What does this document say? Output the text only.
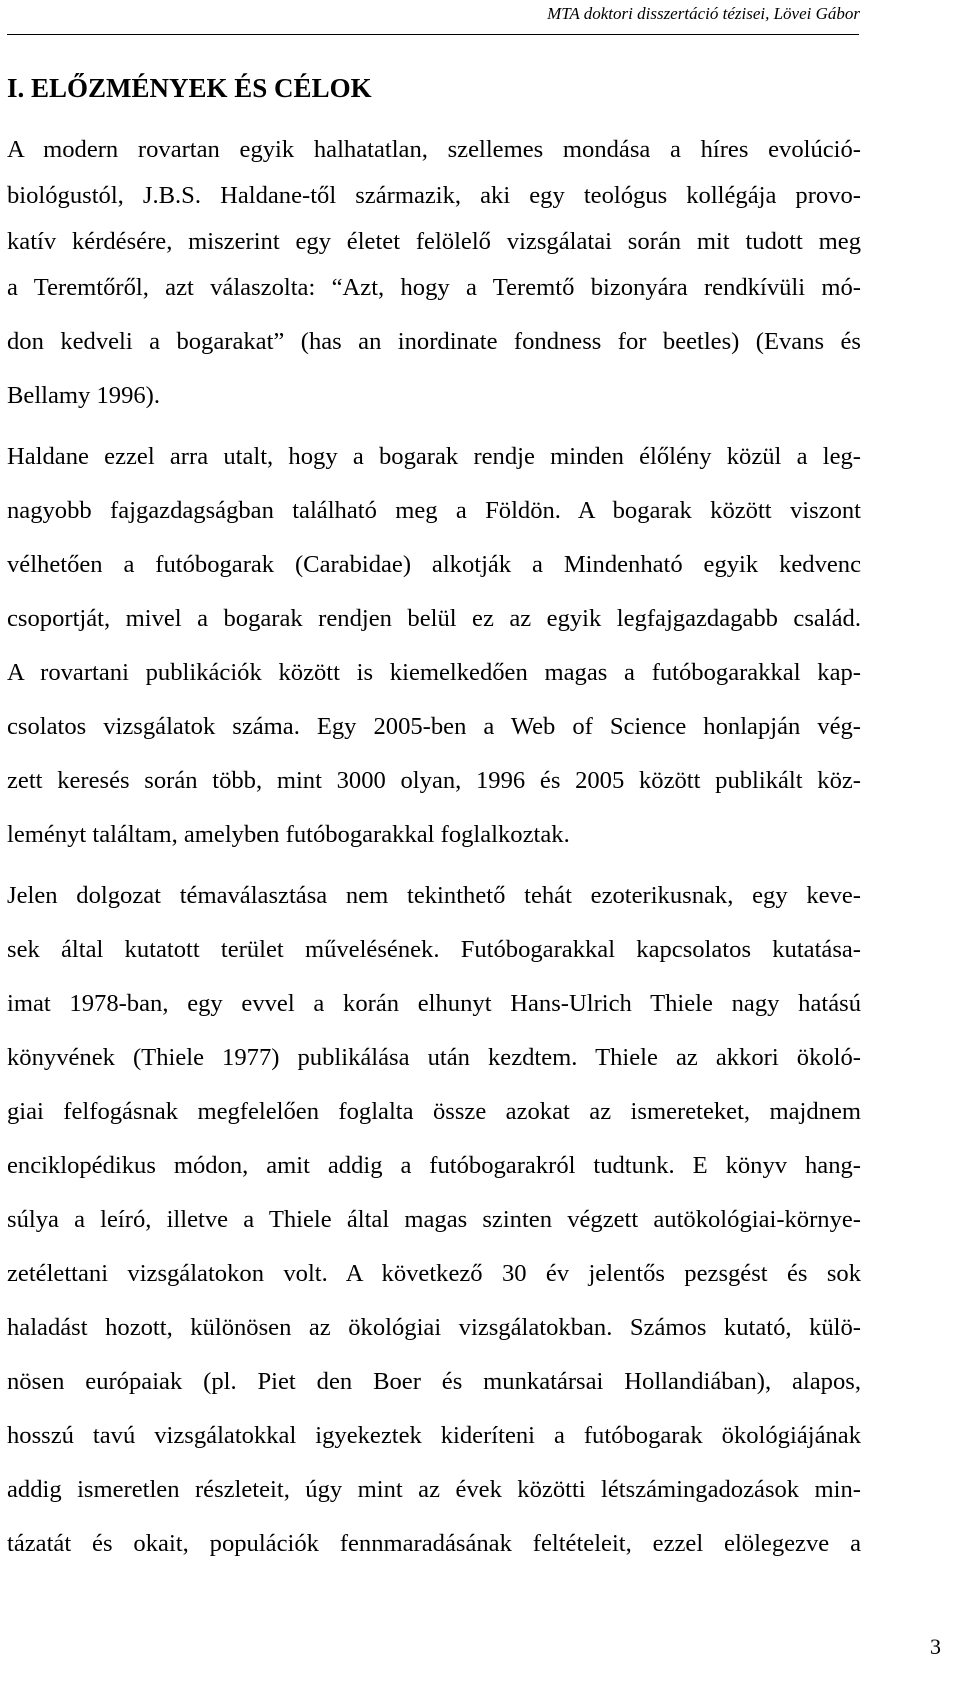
MTA doktori disszertáció tézisei, Lövei Gábor
I. ELŐZMÉNYEK ÉS CÉLOK
A modern rovartan egyik halhatatlan, szellemes mondása a híres evolúció-
biológustól, J.B.S. Haldane-től származik, aki egy teológus kollégája provo-
katív kérdésére, miszerint egy életet felölelő vizsgálatai során mit tudott meg
a Teremtőről, azt válaszolta: “Azt, hogy a Teremtő bizonyára rendkívüli mó-
don kedveli a bogarakat” (has an inordinate fondness for beetles) (Evans és
Bellamy 1996).
Haldane ezzel arra utalt, hogy a bogarak rendje minden élőlény közül a leg-
nagyobb fajgazdagságban található meg a Földön. A bogarak között viszont
vélhetően a futóbogarak (Carabidae) alkotják a Mindenható egyik kedvenc
csoportját, mivel a bogarak rendjen belül ez az egyik legfajgazdagabb család.
A rovartani publikációk között is kiemelkedően magas a futóbogarakkal kap-
csolatos vizsgálatok száma. Egy 2005-ben a Web of Science honlapján vég-
zett keresés során több, mint 3000 olyan, 1996 és 2005 között publikált köz-
leményt találtam, amelyben futóbogarakkal foglalkoztak.
Jelen dolgozat témaválasztása nem tekinthető tehát ezoterikusnak, egy keve-
sek által kutatott terület művelésének. Futóbogarakkal kapcsolatos kutatása-
imat 1978-ban, egy evvel a korán elhunyt Hans-Ulrich Thiele nagy hatású
könyvének (Thiele 1977) publikálása után kezdtem. Thiele az akkori ökoló-
giai felfogásnak megfelelően foglalta össze azokat az ismereteket, majdnem
enciklopédikus módon, amit addig a futóbogarakról tudtunk. E könyv hang-
súlya a leíró, illetve a Thiele által magas szinten végzett autökológiai-környe-
zetélettani vizsgálatokon volt. A következő 30 év jelentős pezsgést és sok
haladást hozott, különösen az ökológiai vizsgálatokban. Számos kutató, külö-
nösen európaiak (pl. Piet den Boer és munkatársai Hollandiában), alapos,
hosszú tavú vizsgálatokkal igyekeztek kideríteni a futóbogarak ökológiájának
addig ismeretlen részleteit, úgy mint az évek közötti létszámingadozások min-
tázatát és okait, populációk fennmaradásának feltételeit, ezzel elölegezve a
3
